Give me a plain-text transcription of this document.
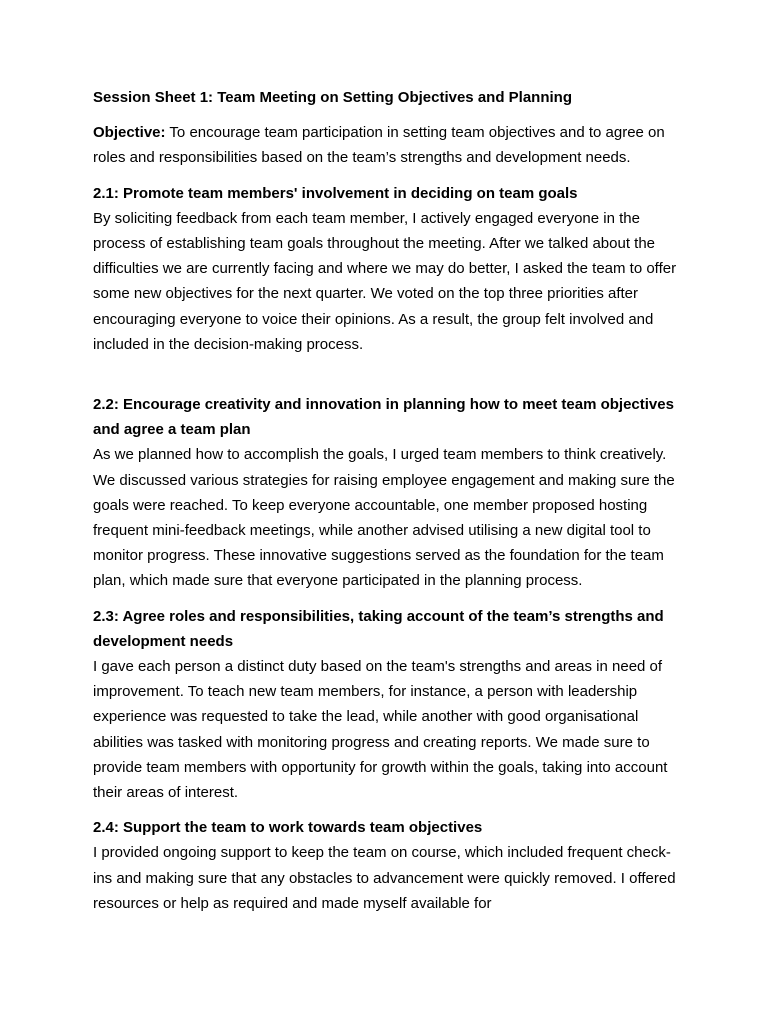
Session Sheet 1: Team Meeting on Setting Objectives and Planning

Objective: To encourage team participation in setting team objectives and to agree on roles and responsibilities based on the team’s strengths and development needs.

2.1: Promote team members' involvement in deciding on team goals

By soliciting feedback from each team member, I actively engaged everyone in the process of establishing team goals throughout the meeting. After we talked about the difficulties we are currently facing and where we may do better, I asked the team to offer some new objectives for the next quarter. We voted on the top three priorities after encouraging everyone to voice their opinions. As a result, the group felt involved and included in the decision-making process.

2.2: Encourage creativity and innovation in planning how to meet team objectives and agree a team plan

As we planned how to accomplish the goals, I urged team members to think creatively. We discussed various strategies for raising employee engagement and making sure the goals were reached. To keep everyone accountable, one member proposed hosting frequent mini-feedback meetings, while another advised utilising a new digital tool to monitor progress. These innovative suggestions served as the foundation for the team plan, which made sure that everyone participated in the planning process.

2.3: Agree roles and responsibilities, taking account of the team’s strengths and development needs

I gave each person a distinct duty based on the team's strengths and areas in need of improvement. To teach new team members, for instance, a person with leadership experience was requested to take the lead, while another with good organisational abilities was tasked with monitoring progress and creating reports. We made sure to provide team members with opportunity for growth within the goals, taking into account their areas of interest.

2.4: Support the team to work towards team objectives

I provided ongoing support to keep the team on course, which included frequent check-ins and making sure that any obstacles to advancement were quickly removed. I offered resources or help as required and made myself available for
